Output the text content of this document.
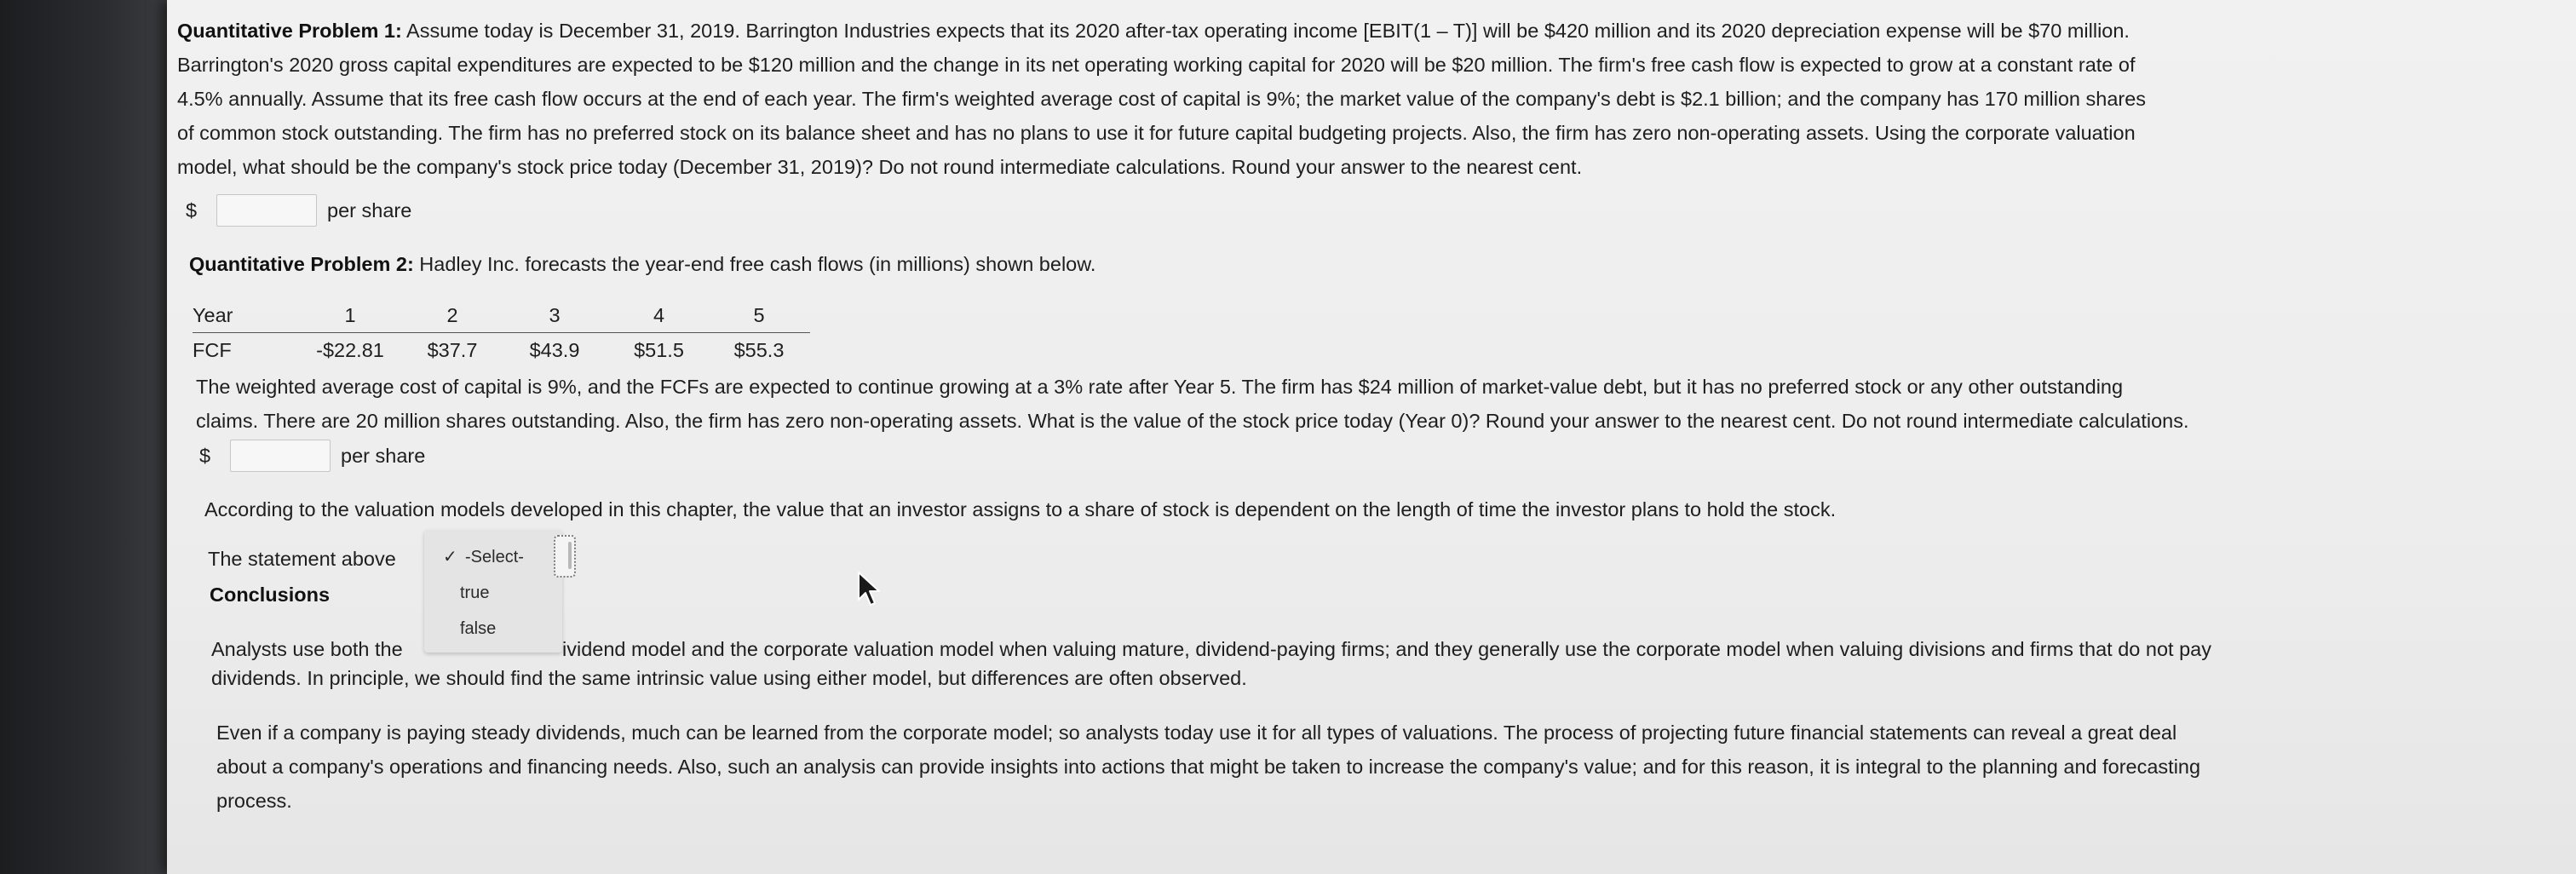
Quantitative Problem 1: Assume today is December 31, 2019. Barrington Industries expects that its 2020 after-tax operating income [EBIT(1 – T)] will be $420 million and its 2020 depreciation expense will be $70 million.
Barrington's 2020 gross capital expenditures are expected to be $120 million and the change in its net operating working capital for 2020 will be $20 million. The firm's free cash flow is expected to grow at a constant rate of
4.5% annually. Assume that its free cash flow occurs at the end of each year. The firm's weighted average cost of capital is 9%; the market value of the company's debt is $2.1 billion; and the company has 170 million shares
of common stock outstanding. The firm has no preferred stock on its balance sheet and has no plans to use it for future capital budgeting projects. Also, the firm has zero non-operating assets. Using the corporate valuation
model, what should be the company's stock price today (December 31, 2019)? Do not round intermediate calculations. Round your answer to the nearest cent.
$	per share
Quantitative Problem 2: Hadley Inc. forecasts the year-end free cash flows (in millions) shown below.
Year	1	2	3	4	5
FCF	-$22.81	$37.7	$43.9	$51.5	$55.3
The weighted average cost of capital is 9%, and the FCFs are expected to continue growing at a 3% rate after Year 5. The firm has $24 million of market-value debt, but it has no preferred stock or any other outstanding
claims. There are 20 million shares outstanding. Also, the firm has zero non-operating assets. What is the value of the stock price today (Year 0)? Round your answer to the nearest cent. Do not round intermediate calculations.
$	per share
According to the valuation models developed in this chapter, the value that an investor assigns to a share of stock is dependent on the length of time the investor plans to hold the stock.
The statement above
Conclusions
Analysts use both the	ividend model and the corporate valuation model when valuing mature, dividend-paying firms; and they generally use the corporate model when valuing divisions and firms that do not pay
dividends. In principle, we should find the same intrinsic value using either model, but differences are often observed.
Even if a company is paying steady dividends, much can be learned from the corporate model; so analysts today use it for all types of valuations. The process of projecting future financial statements can reveal a great deal
about a company's operations and financing needs. Also, such an analysis can provide insights into actions that might be taken to increase the company's value; and for this reason, it is integral to the planning and forecasting
process.
✓ -Select-
true
false
